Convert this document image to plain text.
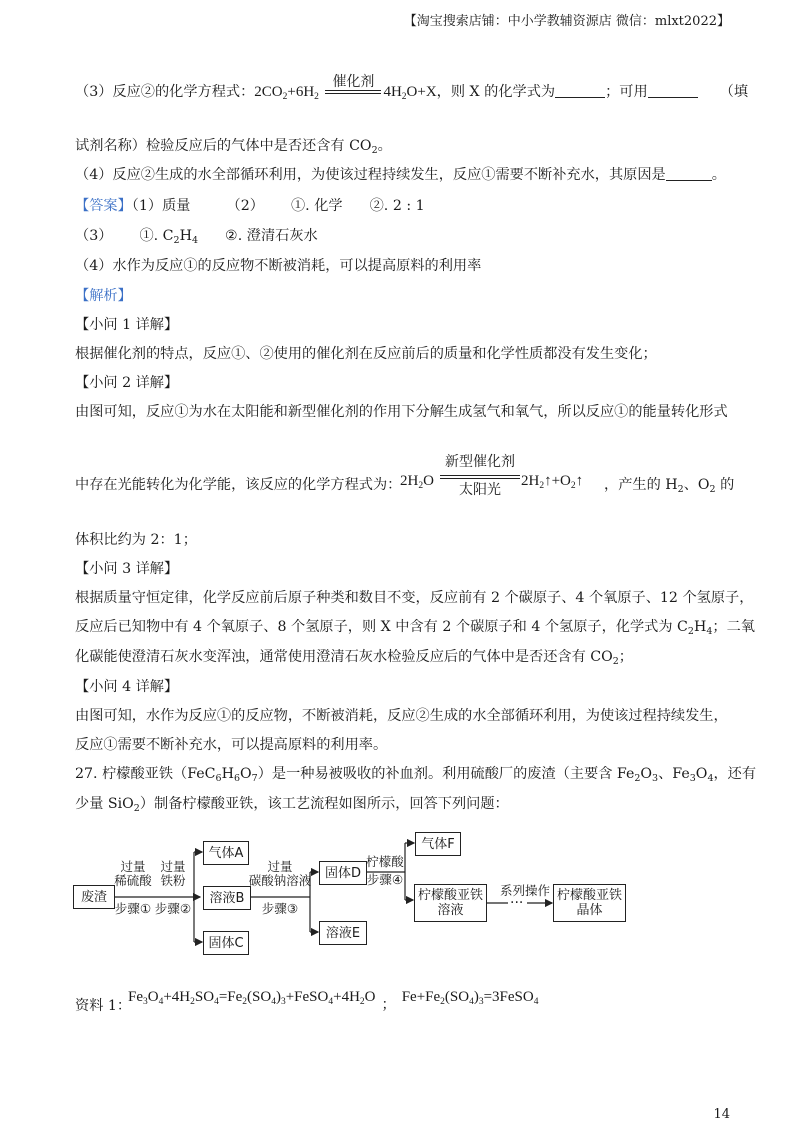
【淘宝搜索店铺：中小学教辅资源店 微信：mlxt2022】
（3）反应②的化学方程式：$2CO_2+6H_2$
催化剂
$4H_2O+X$，则 X 的化学式为	；可用	（填
试剂名称）检验反应后的气体中是否还含有 $CO_2$。
（4）反应②生成的水全部循环利用，为使该过程持续发生，反应①需要不断补充水，其原因是	。
【答案】（1）质量        （2）      ①. 化学      ②. 2 : 1
（3）      ①. $C_2H_4$      ②. 澄清石灰水
（4）水作为反应①的反应物不断被消耗，可以提高原料的利用率
【解析】
【小问 1 详解】
根据催化剂的特点，反应①、②使用的催化剂在反应前后的质量和化学性质都没有发生变化；
【小问 2 详解】
由图可知，反应①为水在太阳能和新型催化剂的作用下分解生成氢气和氧气，所以反应①的能量转化形式
中存在光能转化为化学能，该反应的化学方程式为：
$2H_2O$
新型催化剂
太阳光
$2H_2↑+O_2↑$ ，产生的 $H_2$、$O_2$ 的
体积比约为 2：1；
【小问 3 详解】
根据质量守恒定律，化学反应前后原子种类和数目不变，反应前有 2 个碳原子、4 个氧原子、12 个氢原子，
反应后已知物中有 4 个氧原子、8 个氢原子，则 X 中含有 2 个碳原子和 4 个氢原子，化学式为 $C_2H_4$；二氧
化碳能使澄清石灰水变浑浊，通常使用澄清石灰水检验反应后的气体中是否还含有 $CO_2$；
【小问 4 详解】
由图可知，水作为反应①的反应物，不断被消耗，反应②生成的水全部循环利用，为使该过程持续发生，
反应①需要不断补充水，可以提高原料的利用率。
27. 柠檬酸亚铁$(FeC_6H_6O_7)$是一种易被吸收的补血剂。利用硫酸厂的废渣（主要含 $Fe_2O_3$、$Fe_3O_4$，还有
少量 SiO$_2$）制备柠檬酸亚铁，该工艺流程如图所示，回答下列问题：
···
废渣
过量
稀硫酸
步骤①
过量
铁粉
步骤②
气体A
溶液B
固体C
过量
碳酸钠溶液
步骤③
固体D
溶液E
柠檬酸
步骤④
气体F
柠檬酸亚铁
溶液
系列操作 柠檬酸亚铁
晶体
资料 1：
$Fe_3O_4+4H_2SO_4=Fe_2(SO_4)_3+FeSO_4+4H_2O$ ； $Fe+Fe_2(SO_4)_3=3FeSO_4$
14
